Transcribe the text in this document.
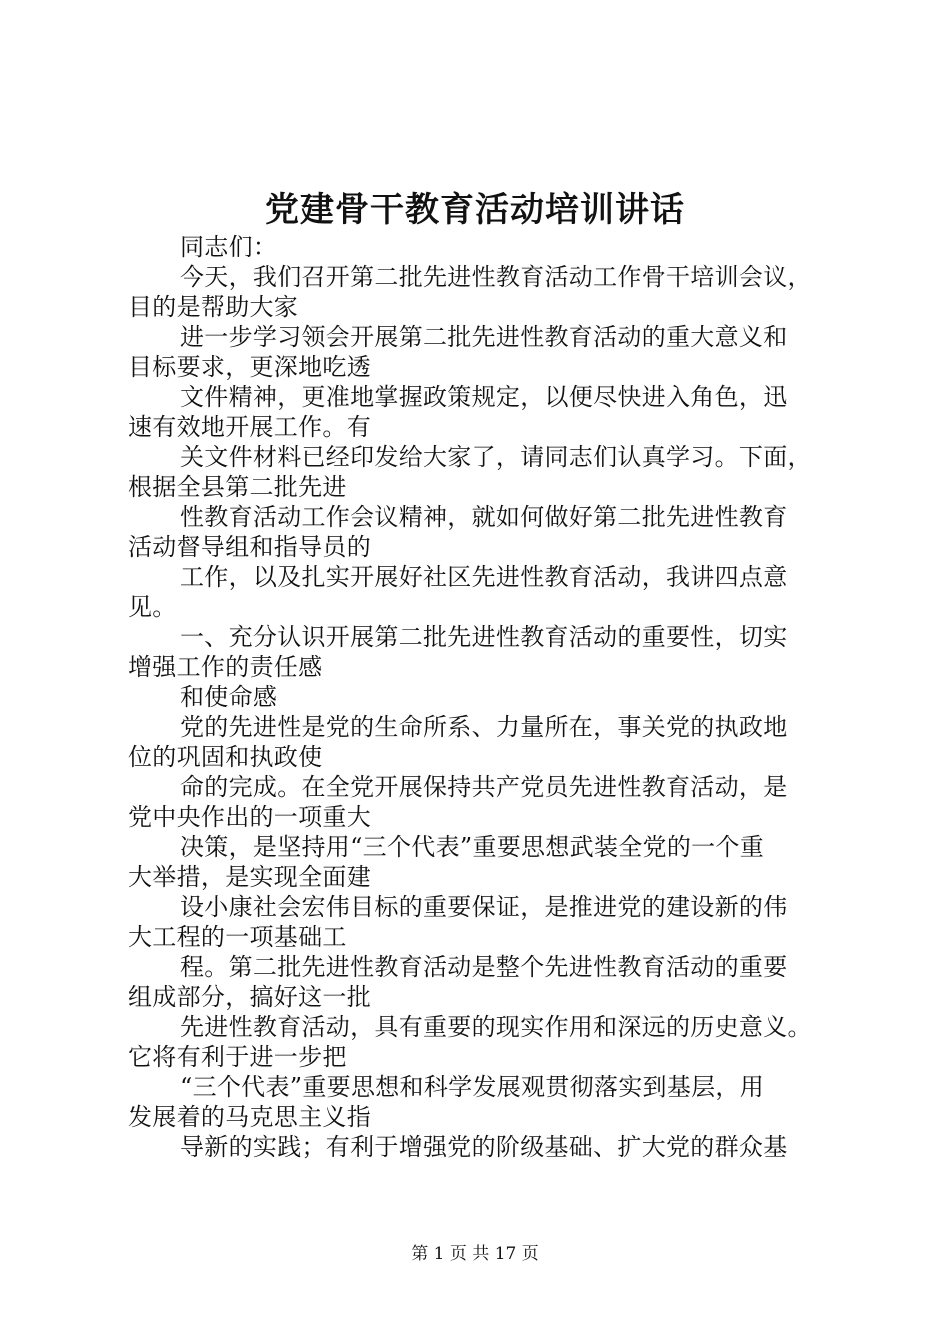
党建骨干教育活动培训讲话
同志们：
今天，我们召开第二批先进性教育活动工作骨干培训会议，
目的是帮助大家
进一步学习领会开展第二批先进性教育活动的重大意义和
目标要求，更深地吃透
文件精神，更准地掌握政策规定，以便尽快进入角色，迅
速有效地开展工作。有
关文件材料已经印发给大家了，请同志们认真学习。下面，
根据全县第二批先进
性教育活动工作会议精神，就如何做好第二批先进性教育
活动督导组和指导员的
工作，以及扎实开展好社区先进性教育活动，我讲四点意
见。
一、充分认识开展第二批先进性教育活动的重要性，切实
增强工作的责任感
和使命感
党的先进性是党的生命所系、力量所在，事关党的执政地
位的巩固和执政使
命的完成。在全党开展保持共产党员先进性教育活动，是
党中央作出的一项重大
决策，是坚持用“三个代表”重要思想武装全党的一个重
大举措，是实现全面建
设小康社会宏伟目标的重要保证，是推进党的建设新的伟
大工程的一项基础工
程。第二批先进性教育活动是整个先进性教育活动的重要
组成部分，搞好这一批
先进性教育活动，具有重要的现实作用和深远的历史意义。
它将有利于进一步把
“三个代表”重要思想和科学发展观贯彻落实到基层，用
发展着的马克思主义指
导新的实践；有利于增强党的阶级基础、扩大党的群众基
第 1 页 共 17 页
